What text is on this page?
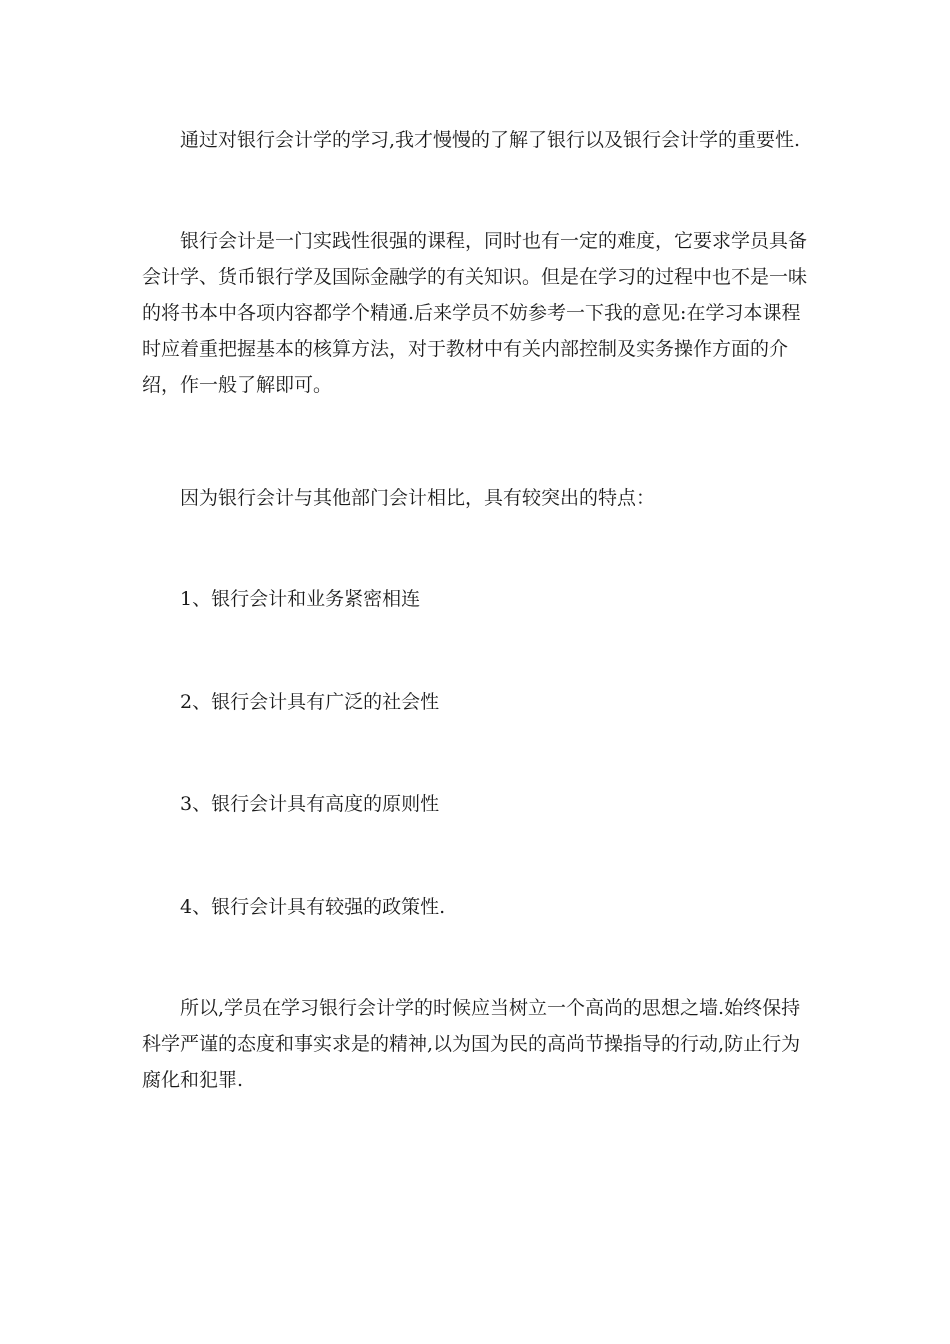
通过对银行会计学的学习,我才慢慢的了解了银行以及银行会计学的重要性.

银行会计是一门实践性很强的课程，同时也有一定的难度，它要求学员具备会计学、货币银行学及国际金融学的有关知识。但是在学习的过程中也不是一味的将书本中各项内容都学个精通.后来学员不妨参考一下我的意见:在学习本课程时应着重把握基本的核算方法，对于教材中有关内部控制及实务操作方面的介绍，作一般了解即可。

因为银行会计与其他部门会计相比，具有较突出的特点：

1、银行会计和业务紧密相连

2、银行会计具有广泛的社会性

3、银行会计具有高度的原则性

4、银行会计具有较强的政策性.

所以,学员在学习银行会计学的时候应当树立一个高尚的思想之墙.始终保持科学严谨的态度和事实求是的精神,以为国为民的高尚节操指导的行动,防止行为腐化和犯罪.
